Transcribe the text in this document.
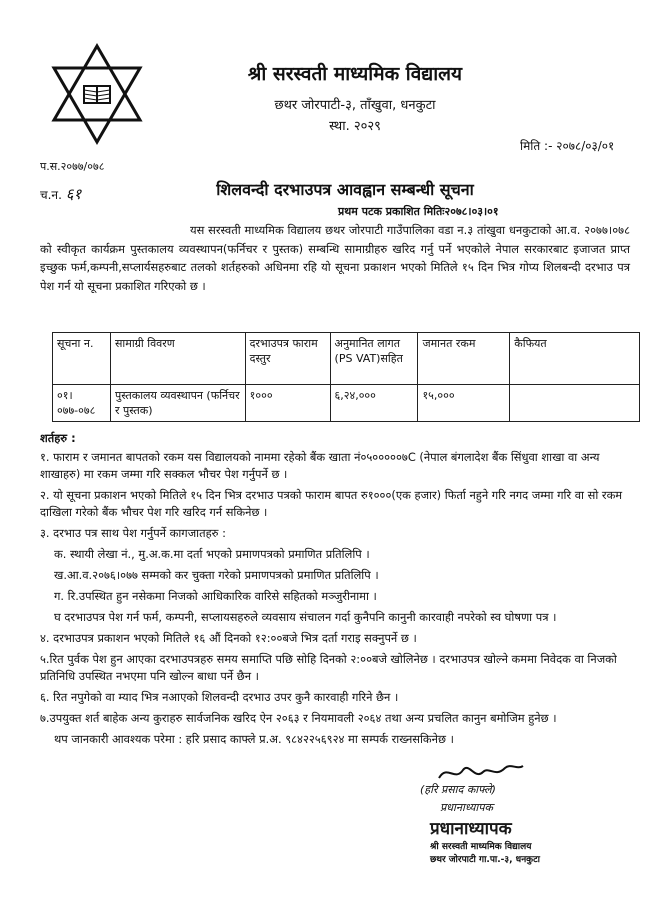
श्री सरस्वती माध्यमिक विद्यालय
छथर जोरपाटी-३, ताँखुवा, धनकुटा
स्था. २०२९
मिति :- २०७८/०३/०१
प.स.२०७७/०७८
च.न. ६१	शिलवन्दी दरभाउपत्र आवह्वान सम्बन्धी सूचना
प्रथम पटक प्रकाशित मितिः२०७८।०३।०१
यस सरस्वती माध्यमिक विद्यालय छथर जोरपाटी गाउँपालिका वडा न.३ तांखुवा धनकुटाको आ.व. २०७७।०७८ को स्वीकृत कार्यक्रम पुस्तकालय व्यवस्थापन(फर्निचर र पुस्तक) सम्बन्धि सामाग्रीहरु खरिद गर्नु पर्ने भएकोले नेपाल सरकारबाट इजाजत प्राप्त इच्छुक फर्म,कम्पनी,सप्लार्यसहरुबाट तलको शर्तहरुको अधिनमा रहि यो सूचना प्रकाशन भएको मितिले १५ दिन भित्र गोप्य शिलबन्दी दरभाउ पत्र पेश गर्न यो सूचना प्रकाशित गरिएको छ ।
सूचना न.	सामाग्री विवरण	दरभाउपत्र फाराम दस्तुर	अनुमानित लागत (PS VAT)सहित	जमानत रकम	कैफियत
०१।०७७-०७८	पुस्तकालय व्यवस्थापन (फर्निचर र पुस्तक)	१०००	६,२४,०००	१५,०००	
शर्तहरु :
१. फाराम र जमानत बापतको रकम यस विद्यालयको नाममा रहेको बैंक खाता नं०५०००००७C (नेपाल बंगलादेश बैंक सिंधुवा शाखा वा अन्य शाखाहरु) मा रकम जम्मा गरि सक्कल भौचर पेश गर्नुपर्ने छ ।
२. यो सूचना प्रकाशन भएको मितिले १५ दिन भित्र दरभाउ पत्रको फाराम बापत रु१०००(एक हजार) फिर्ता नहुने गरि नगद जम्मा गरि वा सो रकम दाखिला गरेको बैंक भौचर पेश गरि खरिद गर्न सकिनेछ ।
३. दरभाउ पत्र साथ पेश गर्नुपर्ने कागजातहरु :
क. स्थायी लेखा नं., मु.अ.क.मा दर्ता भएको प्रमाणपत्रको प्रमाणित प्रतिलिपि ।
ख.आ.व.२०७६।०७७ सम्मको कर चुक्ता गरेको प्रमाणपत्रको प्रमाणित प्रतिलिपि ।
ग. रि.उपस्थित हुन नसेकमा निजको आधिकारिक वारिसे सहितको मञ्जुरीनामा ।
घ दरभाउपत्र पेश गर्न फर्म, कम्पनी, सप्लायसहरुले व्यवसाय संचालन गर्दा कुनैपनि कानुनी कारवाही नपरेको स्व घोषणा पत्र ।
४. दरभाउपत्र प्रकाशन भएको मितिले १६ औं दिनको १२:००बजे भित्र दर्ता गराइ सक्नुपर्ने छ ।
५.रित पुर्वक पेश हुन आएका दरभाउपत्रहरु समय समाप्ति पछि सोहि दिनको २:००बजे खोलिनेछ । दरभाउपत्र खोल्ने कममा निवेदक वा निजको प्रतिनिधि उपस्थित नभएमा पनि खोल्न बाधा पर्ने छैन ।
६. रित नपुगेको वा म्याद भित्र नआएको शिलवन्दी दरभाउ उपर कुनै कारवाही गरिने छैन ।
७.उपयुक्त शर्त बाहेक अन्य कुराहरु सार्वजनिक खरिद ऐन २०६३ र नियमावली २०६४ तथा अन्य प्रचलित कानुन बमोजिम हुनेछ ।
थप जानकारी आवश्यक परेमा : हरि प्रसाद काफ्ले प्र.अ. ९८४२२५६९२४ मा सम्पर्क राख्नसकिनेछ ।
(हरि प्रसाद काफ्ले)
प्रधानाध्यापक
प्रधानाध्यापक
श्री सरस्वती माध्यमिक विद्यालय
छथर जोरपाटी गा.पा.-३, धनकुटा
